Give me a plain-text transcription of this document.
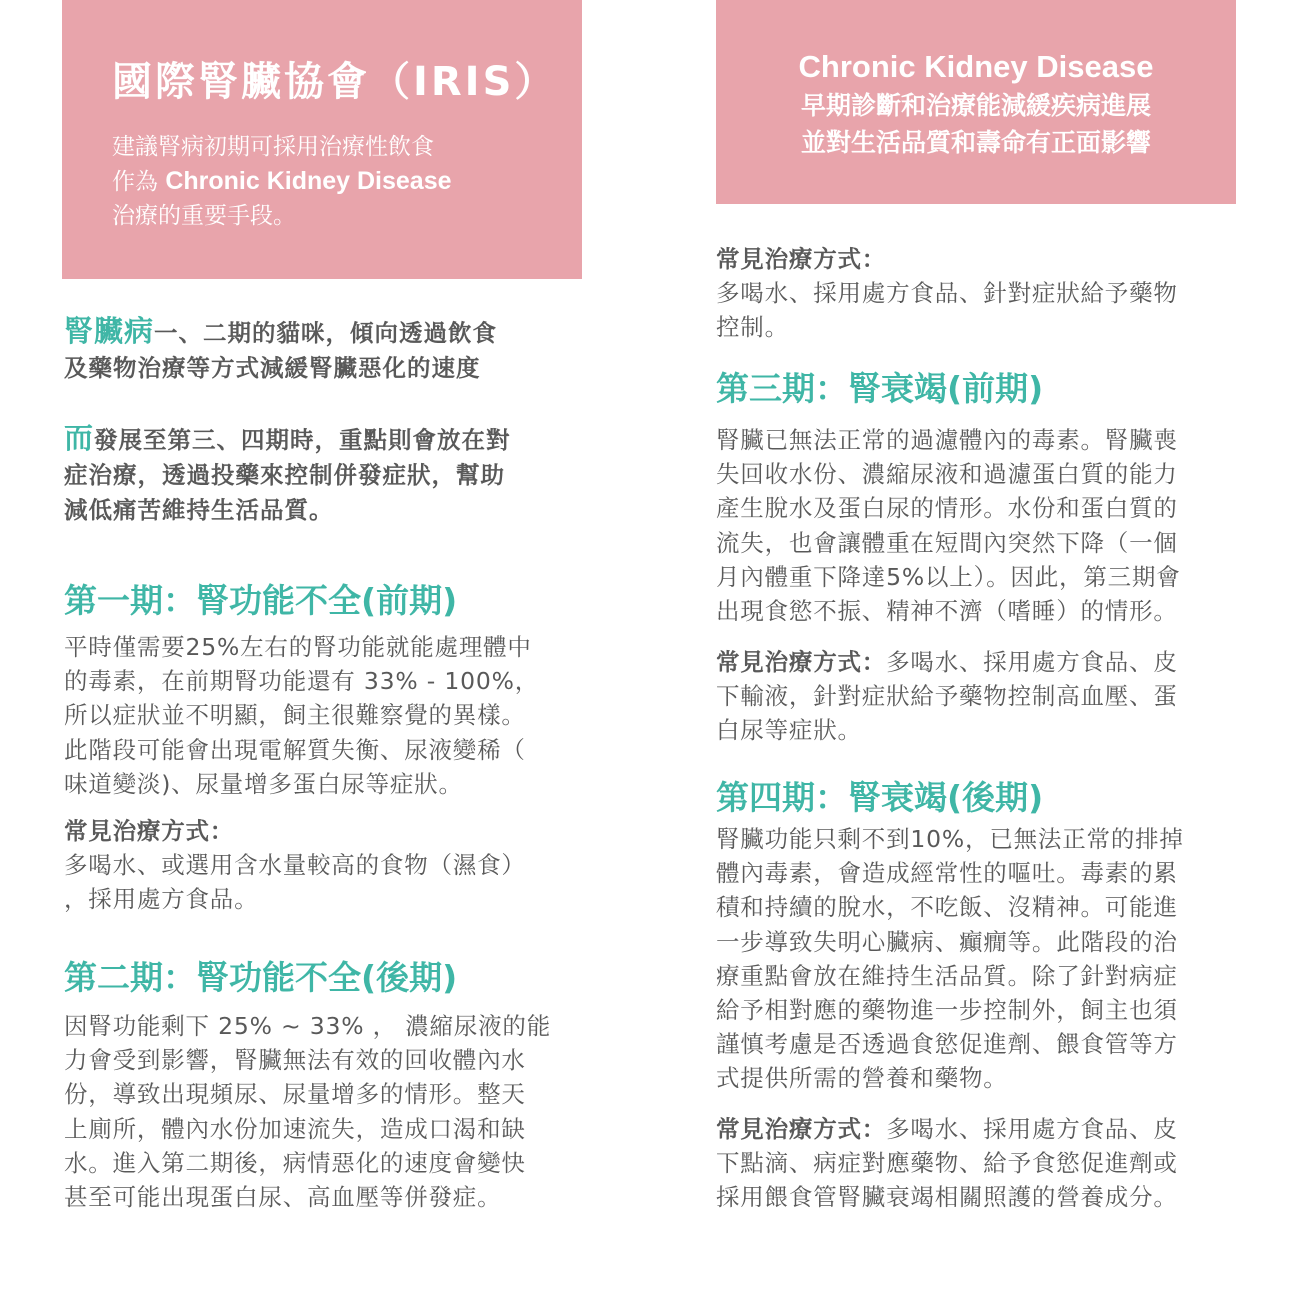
國際腎臟協會（IRIS）
建議腎病初期可採用治療性飲食
作為 Chronic Kidney Disease
治療的重要手段。
Chronic Kidney Disease
早期診斷和治療能減緩疾病進展
並對生活品質和壽命有正面影響
腎臟病一、二期的貓咪，傾向透過飲食
及藥物治療等方式減緩腎臟惡化的速度
而發展至第三、四期時，重點則會放在對
症治療，透過投藥來控制併發症狀，幫助
減低痛苦維持生活品質。
第一期：腎功能不全(前期)
平時僅需要25%左右的腎功能就能處理體中
的毒素，在前期腎功能還有 33% - 100%，
所以症狀並不明顯，飼主很難察覺的異樣。
此階段可能會出現電解質失衡、尿液變稀（
味道變淡)、尿量增多蛋白尿等症狀。
常見治療方式：
多喝水、或選用含水量較高的食物（濕食）
，採用處方食品。
第二期：腎功能不全(後期)
因腎功能剩下 25% ~ 33% ， 濃縮尿液的能
力會受到影響，腎臟無法有效的回收體內水
份，導致出現頻尿、尿量增多的情形。整天
上廁所，體內水份加速流失，造成口渴和缺
水。進入第二期後，病情惡化的速度會變快
甚至可能出現蛋白尿、高血壓等併發症。
常見治療方式：
多喝水、採用處方食品、針對症狀給予藥物
控制。
第三期：腎衰竭(前期)
腎臟已無法正常的過濾體內的毒素。腎臟喪
失回收水份、濃縮尿液和過濾蛋白質的能力
產生脫水及蛋白尿的情形。水份和蛋白質的
流失，也會讓體重在短間內突然下降（一個
月內體重下降達5%以上）。因此，第三期會
出現食慾不振、精神不濟（嗜睡）的情形。
常見治療方式：多喝水、採用處方食品、皮
下輸液，針對症狀給予藥物控制高血壓、蛋
白尿等症狀。
第四期：腎衰竭(後期)
腎臟功能只剩不到10%，已無法正常的排掉
體內毒素，會造成經常性的嘔吐。毒素的累
積和持續的脫水，不吃飯、沒精神。可能進
一步導致失明心臟病、癲癇等。此階段的治
療重點會放在維持生活品質。除了針對病症
給予相對應的藥物進一步控制外，飼主也須
謹慎考慮是否透過食慾促進劑、餵食管等方
式提供所需的營養和藥物。
常見治療方式：多喝水、採用處方食品、皮
下點滴、病症對應藥物、給予食慾促進劑或
採用餵食管腎臟衰竭相關照護的營養成分。
